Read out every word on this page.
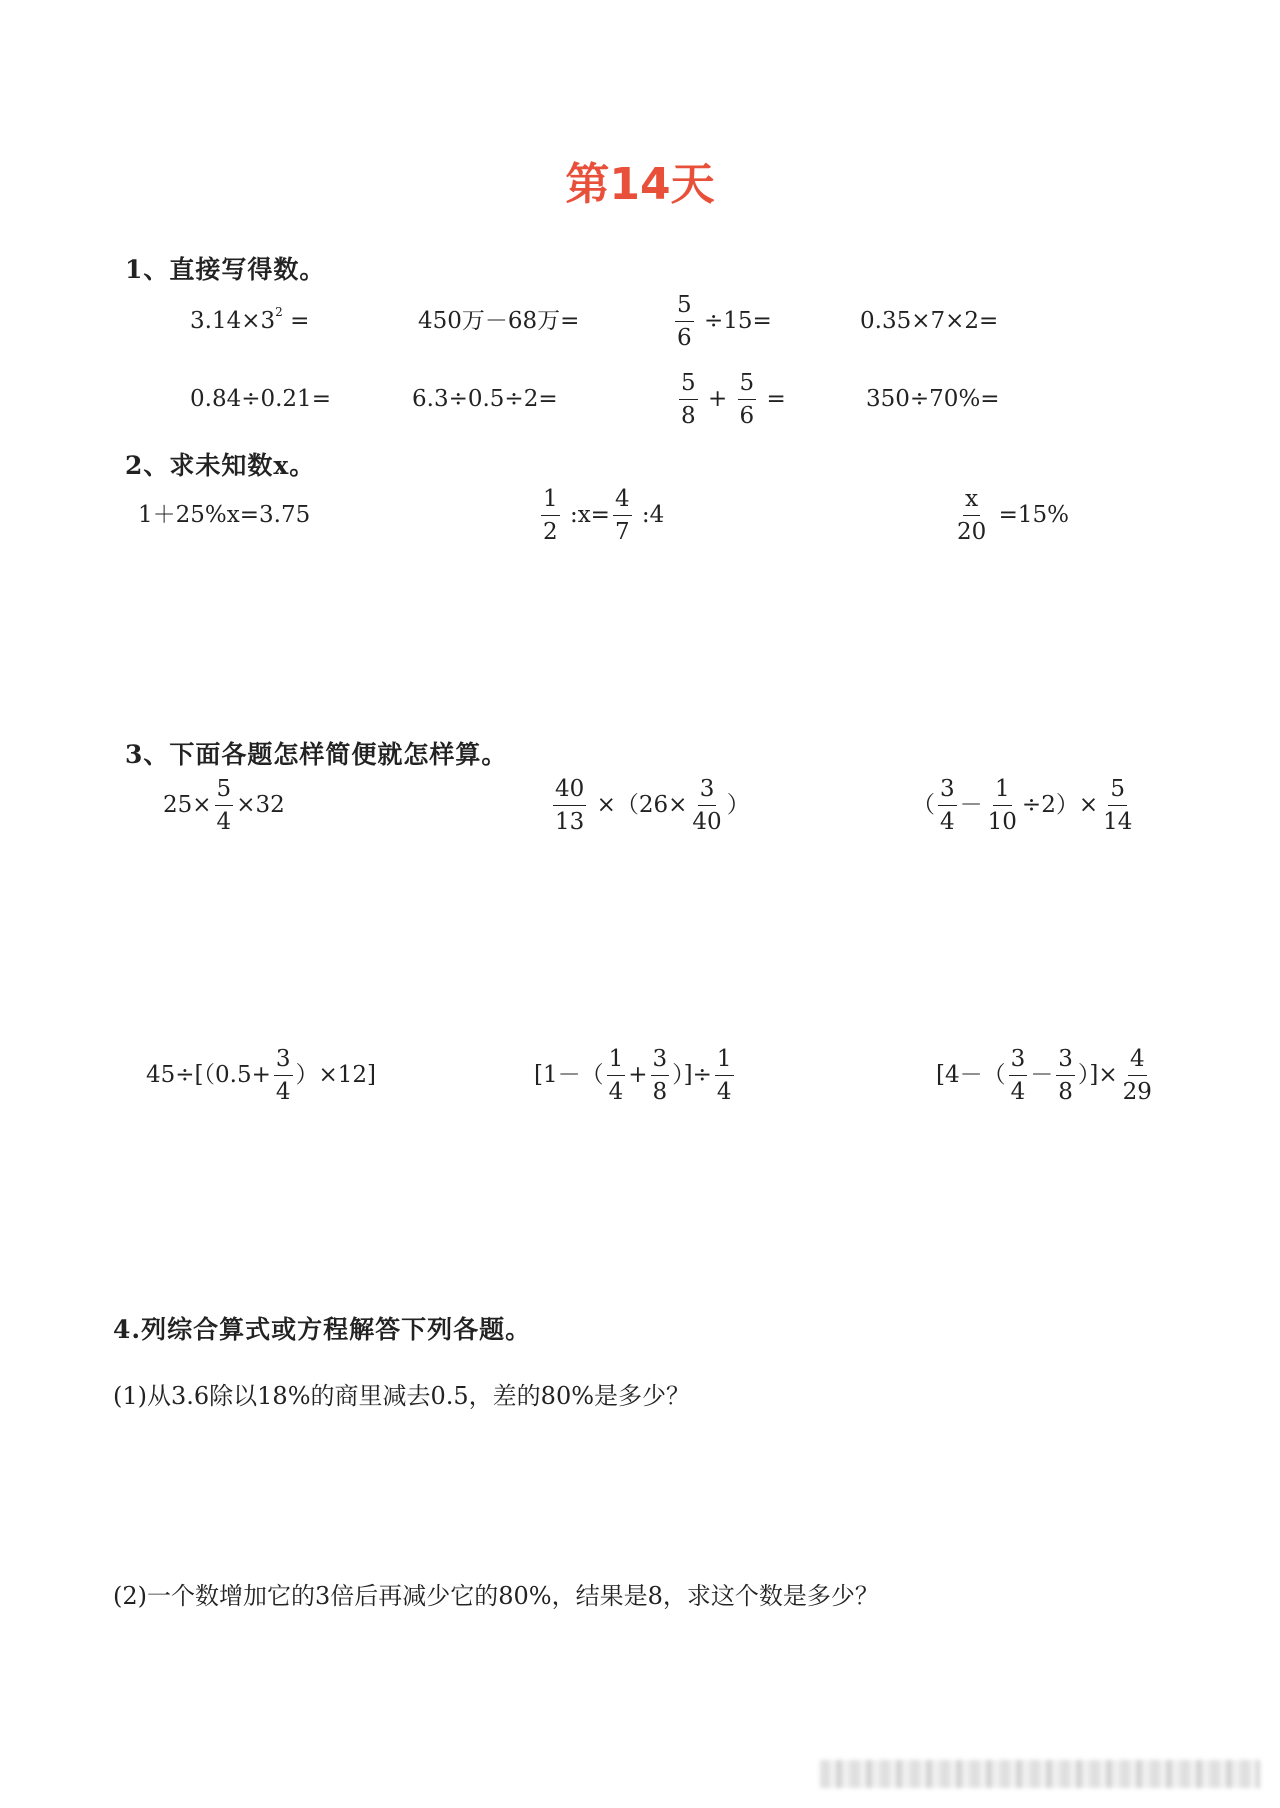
第14天
1、直接写得数。
$3.14\times 3^2$ =	450万－68万=	$\frac{5}{6} \div 15=$	0.35×7×2=
0.84÷0.21=	6.3÷0.5÷2=	$\frac{5}{8} + \frac{5}{6}$ =	350÷70%=
2、求未知数x。
1＋25%x=3.75	$\frac{1}{2}$ :x= $\frac{4}{7}$ :4	$\frac{x}{20} =15\%$
3、下面各题怎样简便就怎样算。
$25\times \frac{5}{4} \times 32$	$\frac{40}{13} \times(26\times \frac{3}{40}$ ）	（ $\frac{3}{4} - \frac{1}{10} \div 2)\times \frac{5}{14}$
$45\div[(0.5+ \frac{3}{4} )\times 12]$	[$1-( \frac{1}{4} + \frac{3}{8}$ ）]÷ $\frac{1}{4}$	[$4-( \frac{3}{4} - \frac{3}{8}$ ）]× $\frac{4}{29}$
4.列综合算式或方程解答下列各题。
(1)从3.6除以18%的商里减去0.5，差的80%是多少？
(2)一个数增加它的3倍后再减少它的80%，结果是8，求这个数是多少？
